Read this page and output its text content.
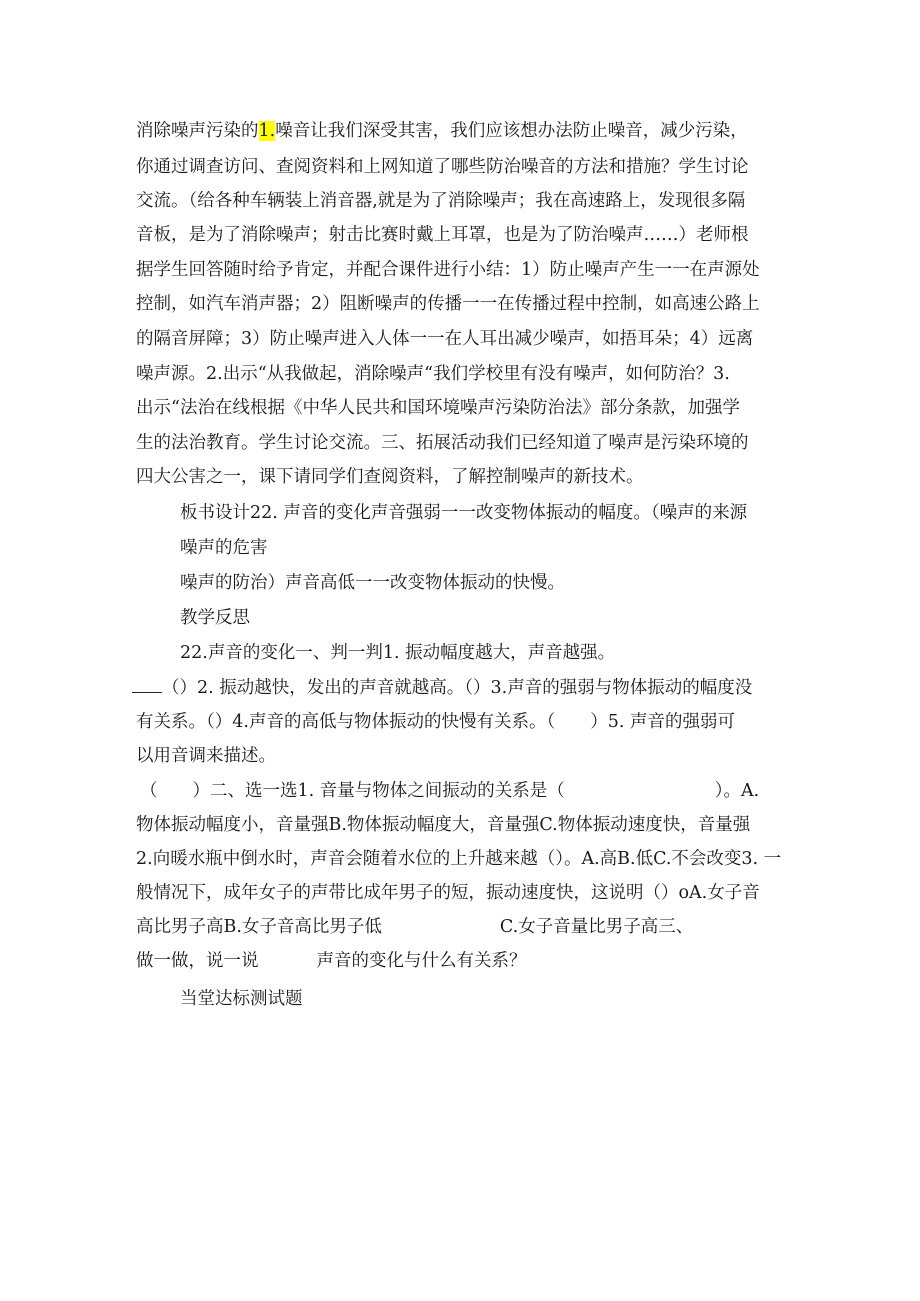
消除噪声污染的1.噪音让我们深受其害，我们应该想办法防止噪音，减少污染，
你通过调查访问、查阅资料和上网知道了哪些防治噪音的方法和措施？学生讨论
交流。（给各种车辆装上消音器,就是为了消除噪声；我在高速路上，发现很多隔
音板，是为了消除噪声；射击比赛时戴上耳罩，也是为了防治噪声……）老师根
据学生回答随时给予肯定，并配合课件进行小结：1）防止噪声产生一一在声源处
控制，如汽车消声器；2）阻断噪声的传播一一在传播过程中控制，如高速公路上
的隔音屏障；3）防止噪声进入人体一一在人耳出减少噪声，如捂耳朵；4）远离
噪声源。2.出示“从我做起，消除噪声“我们学校里有没有噪声，如何防治？3.
出示“法治在线根据《中华人民共和国环境噪声污染防治法》部分条款，加强学
生的法治教育。学生讨论交流。三、拓展活动我们已经知道了噪声是污染环境的
四大公害之一，课下请同学们查阅资料，了解控制噪声的新技术。
板书设计22. 声音的变化声音强弱一一改变物体振动的幅度。（噪声的来源
噪声的危害
噪声的防治）声音高低一一改变物体振动的快慢。
教学反思
22.声音的变化一、判一判1. 振动幅度越大，声音越强。
（）2. 振动越快，发出的声音就越高。（）3.声音的强弱与物体振动的幅度没
有关系。（）4.声音的高低与物体振动的快慢有关系。（　　）5. 声音的强弱可
以用音调来描述。
（　　）二、选一选1. 音量与物体之间振动的关系是（	）。A.
物体振动幅度小，音量强B.物体振动幅度大，音量强C.物体振动速度快，音量强
2.向暖水瓶中倒水时，声音会随着水位的上升越来越（）。A.高B.低C.不会改变3. 一
般情况下，成年女子的声带比成年男子的短，振动速度快，这说明（）oA.女子音
高比男子高B.女子音高比男子低	C.女子音量比男子高三、
做一做，说一说	声音的变化与什么有关系？
当堂达标测试题
